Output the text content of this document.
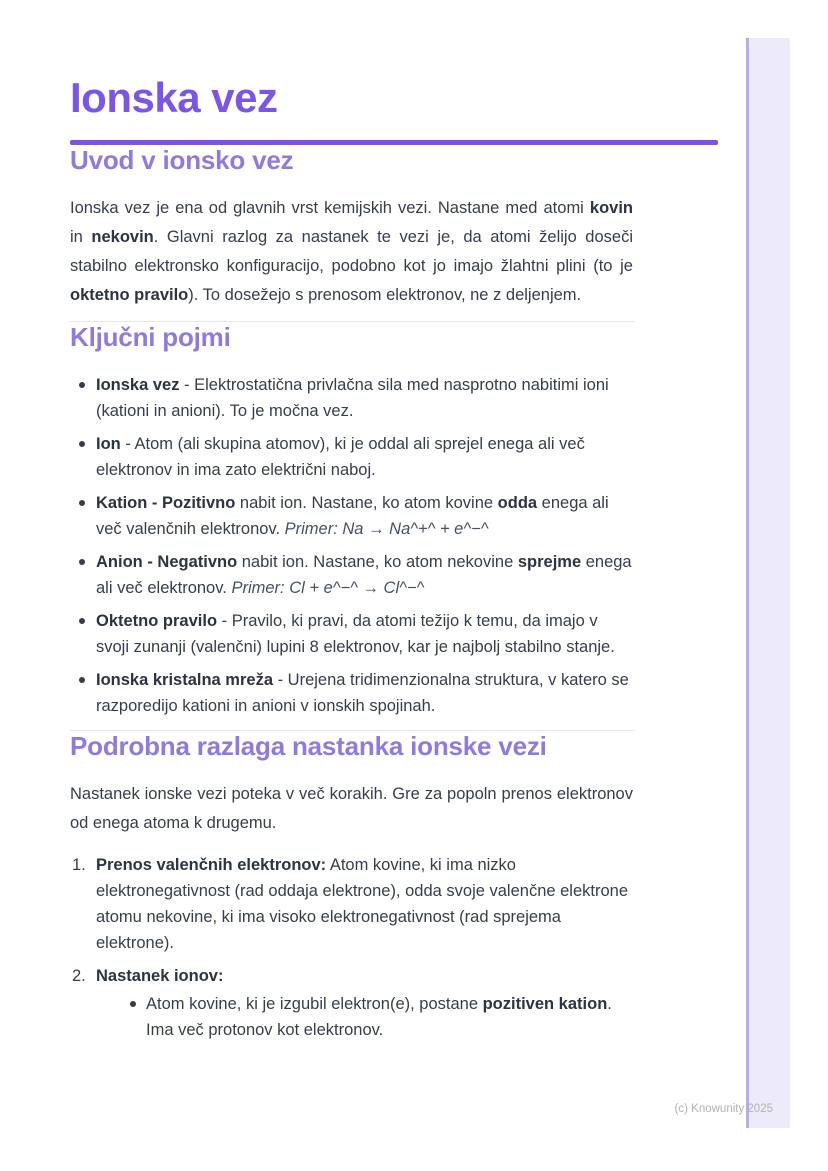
Ionska vez
Uvod v ionsko vez

Ionska vez je ena od glavnih vrst kemijskih vezi. Nastane med atomi kovin in nekovin. Glavni razlog za nastanek te vezi je, da atomi želijo doseči stabilno elektronsko konfiguracijo, podobno kot jo imajo žlahtni plini (to je oktetno pravilo). To dosežejo s prenosom elektronov, ne z deljenjem.

Ključni pojmi
Ionska vez - Elektrostatična privlačna sila med nasprotno nabitimi ioni (kationi in anioni). To je močna vez.
Ion - Atom (ali skupina atomov), ki je oddal ali sprejel enega ali več elektronov in ima zato električni naboj.
Kation - Pozitivno nabit ion. Nastane, ko atom kovine odda enega ali več valenčnih elektronov. Primer: Na → Na^+^ + e^−^
Anion - Negativno nabit ion. Nastane, ko atom nekovine sprejme enega ali več elektronov. Primer: Cl + e^−^ → Cl^−^
Oktetno pravilo - Pravilo, ki pravi, da atomi težijo k temu, da imajo v svoji zunanji (valenčni) lupini 8 elektronov, kar je najbolj stabilno stanje.
Ionska kristalna mreža - Urejena tridimenzionalna struktura, v katero se razporedijo kationi in anioni v ionskih spojinah.
Podrobna razlaga nastanka ionske vezi

Nastanek ionske vezi poteka v več korakih. Gre za popoln prenos elektronov od enega atoma k drugemu.

1. Prenos valenčnih elektronov: Atom kovine, ki ima nizko
elektronegativnost (rad oddaja elektrone), odda svoje valenčne elektrone atomu nekovine, ki ima visoko elektronegativnost (rad sprejema elektrone).
2. Nastanek ionov:
Atom kovine, ki je izgubil elektron(e), postane pozitiven kation. Ima več protonov kot elektronov.
(c) Knowunity 2025
